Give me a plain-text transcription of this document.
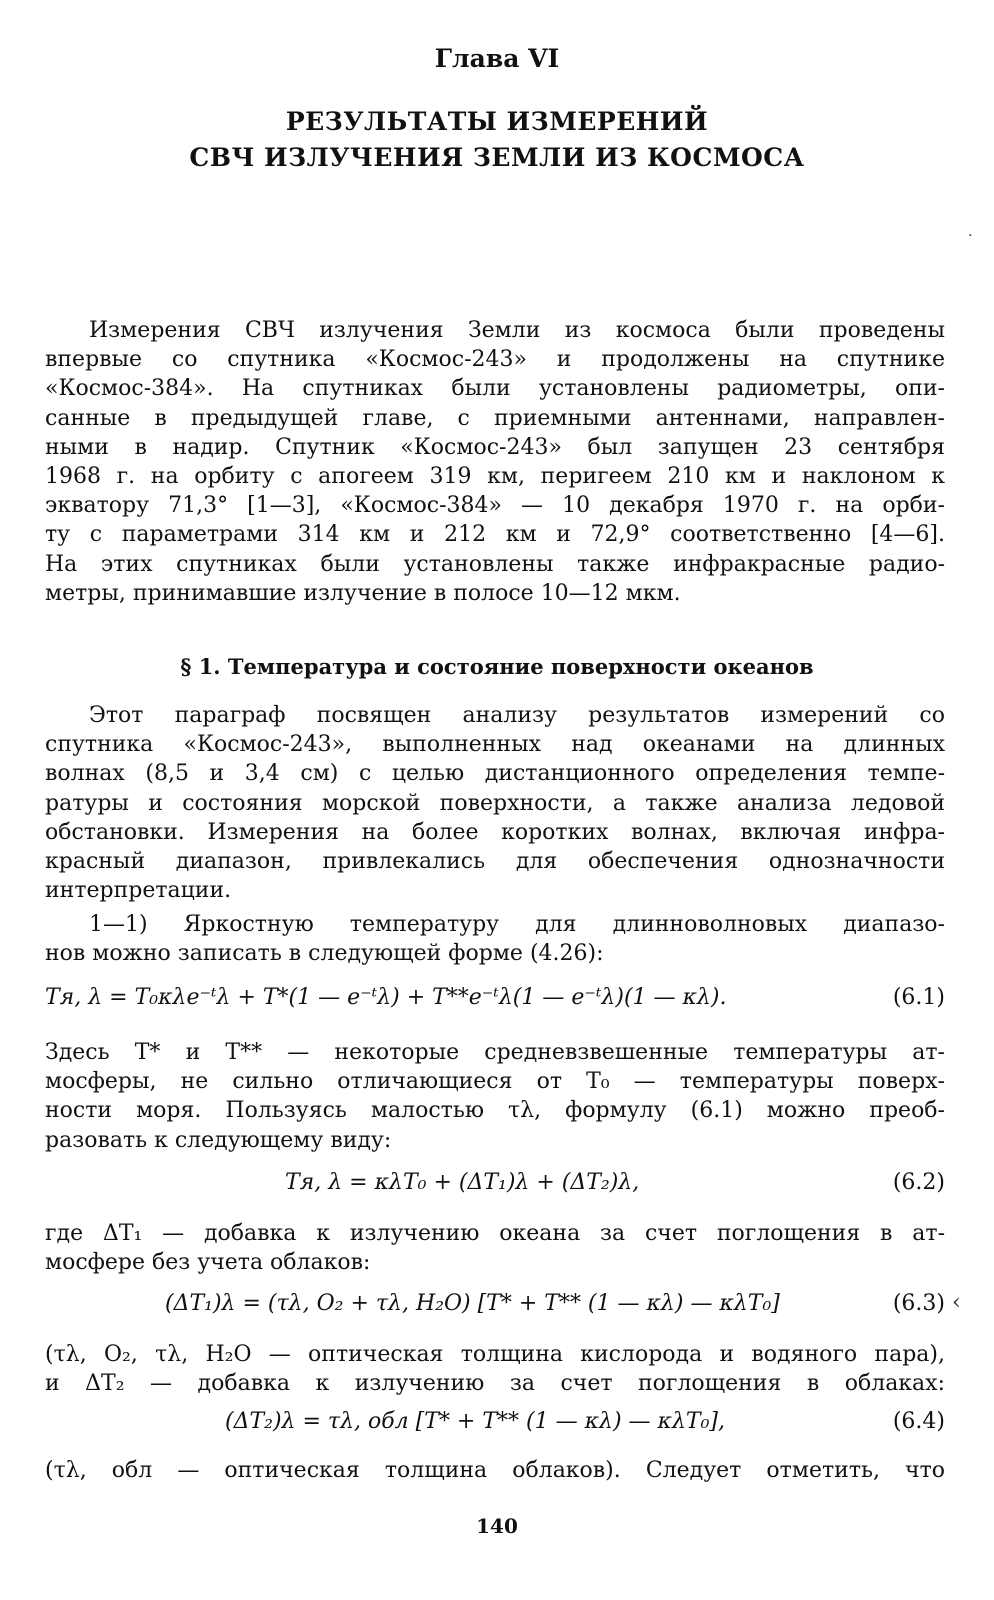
Глава VI
РЕЗУЛЬТАТЫ ИЗМЕРЕНИЙ
СВЧ ИЗЛУЧЕНИЯ ЗЕМЛИ ИЗ КОСМОСА
·
Измерения СВЧ излучения Земли из космоса были проведены
впервые со спутника «Космос-243» и продолжены на спутнике
«Космос-384». На спутниках были установлены радиометры, опи-
санные в предыдущей главе, с приемными антеннами, направлен-
ными в надир. Спутник «Космос-243» был запущен 23 сентября
1968 г. на орбиту с апогеем 319 км, перигеем 210 км и наклоном к
экватору 71,3° [1—3], «Космос-384» — 10 декабря 1970 г. на орби-
ту с параметрами 314 км и 212 км и 72,9° соответственно [4—6].
На этих спутниках были установлены также инфракрасные радио-
метры, принимавшие излучение в полосе 10—12 мкм.
§ 1. Температура и состояние поверхности океанов
Этот параграф посвящен анализу результатов измерений со
спутника «Космос-243», выполненных над океанами на длинных
волнах (8,5 и 3,4 см) с целью дистанционного определения темпе-
ратуры и состояния морской поверхности, а также анализа ледовой
обстановки. Измерения на более коротких волнах, включая инфра-
красный диапазон, привлекались для обеспечения однозначности
интерпретации.
1—1) Яркостную температуру для длинноволновых диапазо-
нов можно записать в следующей форме (4.26):
Tя, λ = T₀κλe⁻ᵗλ + T*(1 — e⁻ᵗλ) + T**e⁻ᵗλ(1 — e⁻ᵗλ)(1 — κλ).	(6.1)
Здесь T* и T** — некоторые средневзвешенные температуры ат-
мосферы, не сильно отличающиеся от T₀ — температуры поверх-
ности моря. Пользуясь малостью τλ, формулу (6.1) можно преоб-
разовать к следующему виду:
Tя, λ = κλT₀ + (ΔT₁)λ + (ΔT₂)λ,	(6.2)
где ΔT₁ — добавка к излучению океана за счет поглощения в ат-
мосфере без учета облаков:
(ΔT₁)λ = (τλ, O₂ + τλ, H₂O) [T* + T** (1 — κλ) — κλT₀]	(6.3) ‹
(τλ, O₂, τλ, H₂O — оптическая толщина кислорода и водяного пара),
и ΔT₂ — добавка к излучению за счет поглощения в облаках:
(ΔT₂)λ = τλ, обл [T* + T** (1 — κλ) — κλT₀],	(6.4)
(τλ, обл — оптическая толщина облаков). Следует отметить, что
140
